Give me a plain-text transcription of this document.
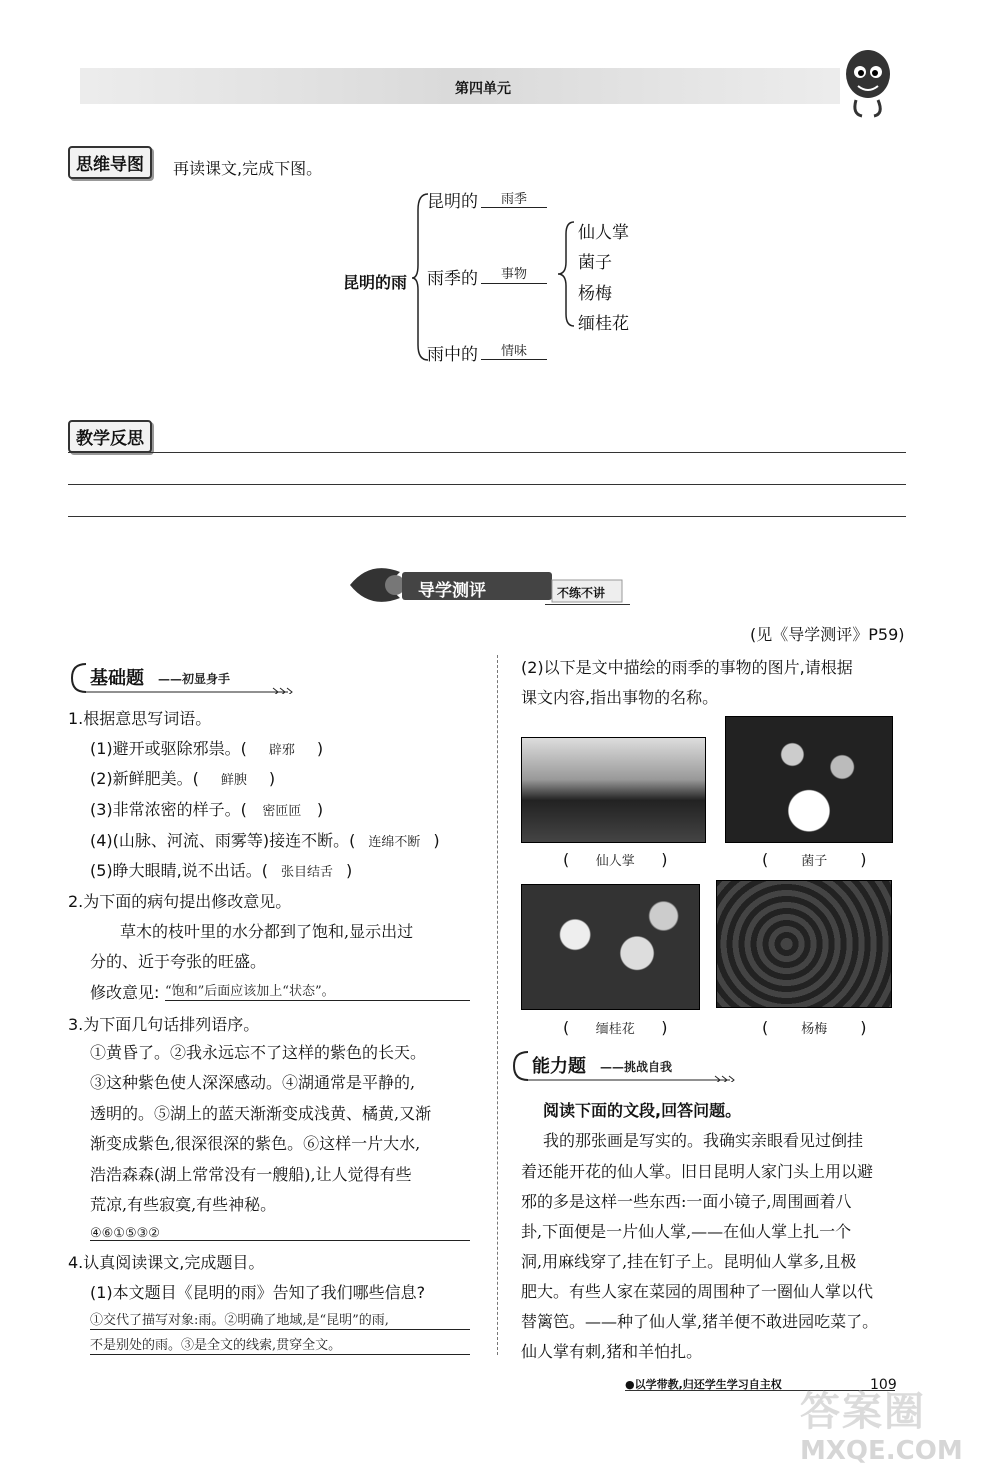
第四单元
思维导图	再读课文,完成下图。
昆明的雨
昆明的	雨季
雨季的	事物
雨中的	情味
仙人掌
菌子
杨梅
缅桂花
教学反思
导学测评	不练不讲
(见《导学测评》P59)
基础题 ——初显身手
1.根据意思写词语。
(1)避开或驱除邪祟。( 辟邪 )
(2)新鲜肥美。( 鲜腴 )
(3)非常浓密的样子。( 密匝匝 )
(4)(山脉、河流、雨雾等)接连不断。( 连绵不断 )
(5)睁大眼睛,说不出话。( 张目结舌 )
2.为下面的病句提出修改意见。
草木的枝叶里的水分都到了饱和,显示出过
分的、近于夸张的旺盛。
修改意见: “饱和”后面应该加上“状态”。
3.为下面几句话排列语序。
①黄昏了。②我永远忘不了这样的紫色的长天。
③这种紫色使人深深感动。④湖通常是平静的,
透明的。⑤湖上的蓝天渐渐变成浅黄、橘黄,又渐
渐变成紫色,很深很深的紫色。⑥这样一片大水,
浩浩森森(湖上常常没有一艘船),让人觉得有些
荒凉,有些寂寞,有些神秘。
④⑥①⑤③②
4.认真阅读课文,完成题目。
(1)本文题目《昆明的雨》告知了我们哪些信息?
①交代了描写对象:雨。②明确了地域,是“昆明”的雨,
不是别处的雨。③是全文的线索,贯穿全文。
(2)以下是文中描绘的雨季的事物的图片,请根据
课文内容,指出事物的名称。
( 仙人掌 )	(	菌子 )
( 缅桂花 )	(	杨梅 )
能力题 ——挑战自我
阅读下面的文段,回答问题。
我的那张画是写实的。我确实亲眼看见过倒挂
着还能开花的仙人掌。旧日昆明人家门头上用以避
邪的多是这样一些东西:一面小镜子,周围画着八
卦,下面便是一片仙人掌,——在仙人掌上扎一个
洞,用麻线穿了,挂在钉子上。昆明仙人掌多,且极
肥大。有些人家在菜园的周围种了一圈仙人掌以代
替篱笆。——种了仙人掌,猪羊便不敢进园吃菜了。
仙人掌有刺,猪和羊怕扎。
●以学带教,归还学生学习自主权	109
答案圈
MXQE.COM
